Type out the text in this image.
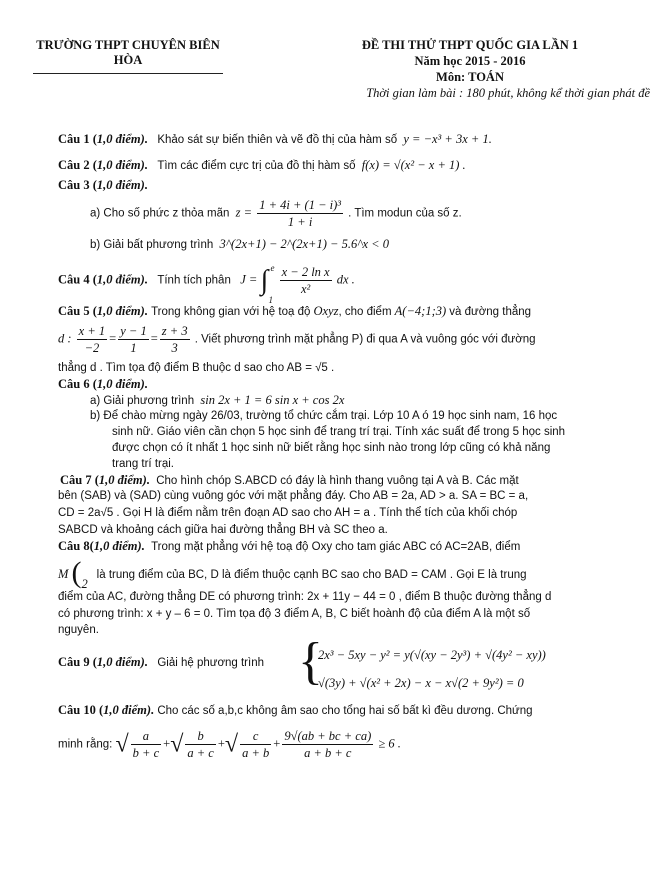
TRƯỜNG THPT CHUYÊN BIÊN HÒA
ĐỀ THI THỬ THPT QUỐC GIA LẦN 1
Năm học 2015 - 2016
Môn: TOÁN
Thời gian làm bài : 180 phút, không kể thời gian phát đề
Câu 1 (1,0 điểm). Khảo sát sự biến thiên và vẽ đồ thị của hàm số y = −x³ + 3x + 1.
Câu 2 (1,0 điểm). Tìm các điểm cực trị của đồ thị hàm số f(x) = √(x² − x + 1) .
Câu 3 (1,0 điểm).
a) Cho số phức z thỏa mãn $z = \frac{\text{1 + 4i + (1 − i)³}}{1 + i}$ . Tìm modun của số z.
b) Giải bất phương trình 3^(2x+1) − 2^(2x+1) − 5.6^x < 0
Câu 4 (1,0 điểm). Tính tích phân J = ∫ e
1

$\frac{\text{x − 2 ln x}}{\text{x²}}$ dx .
Câu 5 (1,0 điểm). Trong không gian với hệ toạ độ Oxyz, cho điểm A(−4;1;3) và đường thẳng
d : $\frac{x + 1}{-2} = \frac{y - 1}{1} = \frac{z + 3}{3}$ . Viết phương trình mặt phẳng P) đi qua A và vuông góc với đường
thẳng d . Tìm tọa độ điểm B thuộc d sao cho AB = √5 .
Câu 6 (1,0 điểm).
a) Giải phương trình sin 2x + 1 = 6 sin x + cos 2x
b) Để chào mừng ngày 26/03, trường tổ chức cắm trại. Lớp 10 A ó 19 học sinh nam, 16 học
sinh nữ. Giáo viên cần chọn 5 học sinh để trang trí trại. Tính xác suất để trong 5 học sinh
được chọn có ít nhất 1 học sinh nữ biết rằng học sinh nào trong lớp cũng có khả năng
trang trí trại.
Câu 7 (1,0 điểm). Cho hình chóp S.ABCD có đáy là hình thang vuông tại A và B. Các mặt
bên (SAB) và (SAD) cùng vuông góc với mặt phẳng đáy. Cho AB = 2a, AD > a. SA = BC = a,
CD = 2a√5 . Gọi H là điểm nằm trên đoạn AD sao cho AH = a . Tính thể tích của khối chóp
SABCD và khoảng cách giữa hai đường thẳng BH và SC theo a.
Câu 8(1,0 điểm). Trong mặt phẳng với hệ toạ độ Oxy cho tam giác ABC có AC=2AB, điểm
M ( 2
là trung điểm của BC, D là điểm thuộc cạnh BC sao cho BAD = CAM . Gọi E là trung
điểm của AC, đường thẳng DE có phương trình: 2x + 11y − 44 = 0 , điểm B thuộc đường thẳng d
có phương trình: x + y – 6 = 0. Tìm tọa độ 3 điểm A, B, C biết hoành độ của điểm A là một số
nguyên.
Câu 9 (1,0 điểm). Giải hệ phương trình {
2x³ − 5xy − y² = y(√(xy − 2y³) + √(4y² − xy))
√(3y) + √(x² + 2x) − x − x√(2 + 9y²) = 0
Câu 10 (1,0 điểm). Cho các số a,b,c không âm sao cho tổng hai số bất kì đều dương. Chứng
minh rằng: √ $\frac{a}{b + c}$ +√ $\frac{b}{a + c}$ +√ $\frac{c}{a + b} + \frac{9√(ab + bc + ca)}{a + b + c} \ge 6$ .
